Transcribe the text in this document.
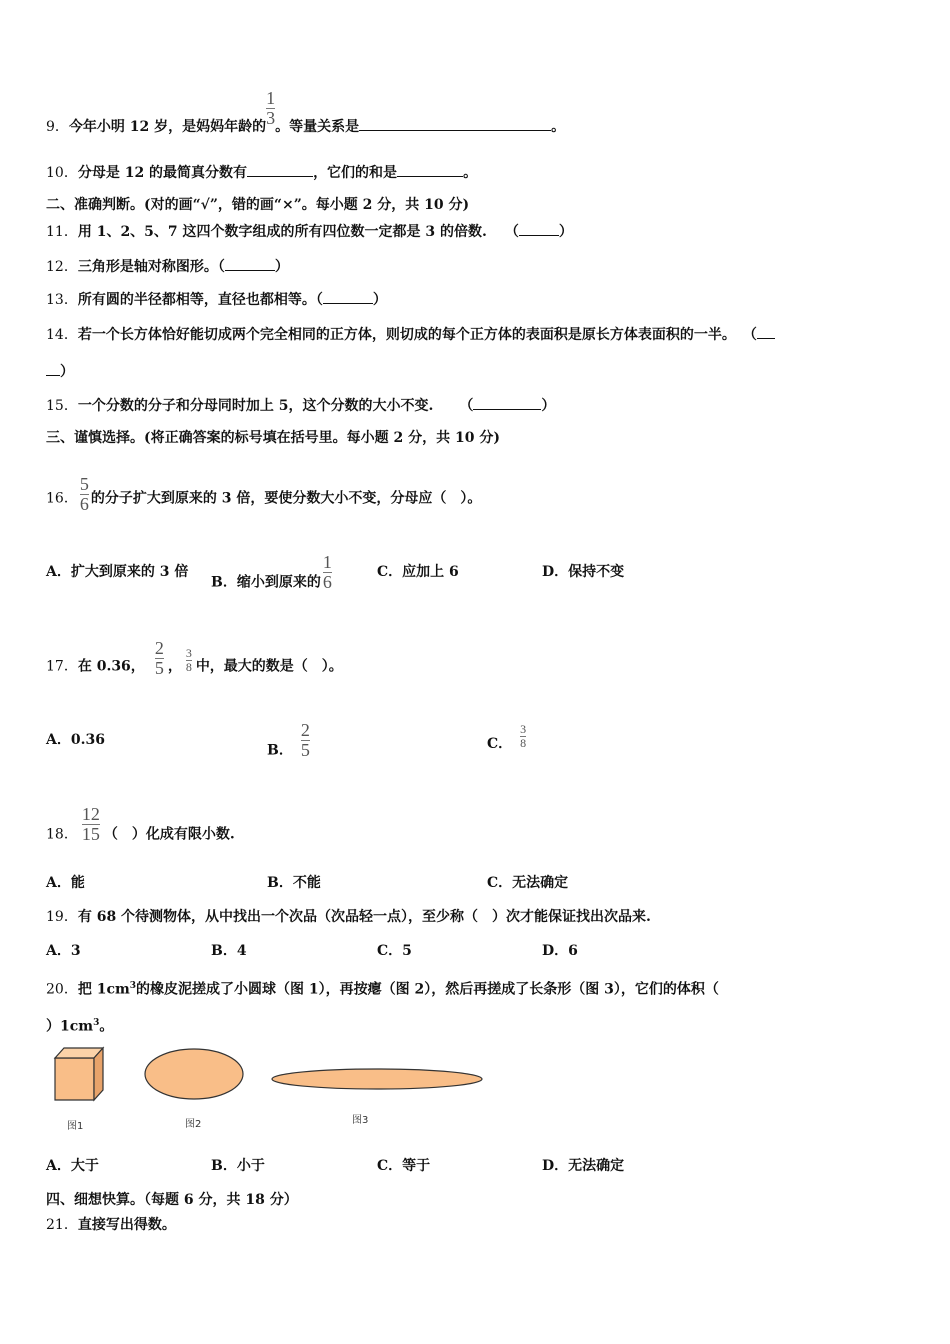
9．今年小明 12 岁，是妈妈年龄的 $\frac{1}{3}$ 。等量关系是	。
10．分母是 12 的最简真分数有	，它们的和是	。
二、准确判断。(对的画“√”，错的画“×”。每小题 2 分，共 10 分)
11．用 1、2、5、7 这四个数字组成的所有四位数一定都是 3 的倍数. （	）
12．三角形是轴对称图形。（	）
13．所有圆的半径都相等，直径也都相等。（	）
14．若一个长方体恰好能切成两个完全相同的正方体，则切成的每个正方体的表面积是原长方体表面积的一半。 （
）
15．一个分数的分子和分母同时加上 5，这个分数的大小不变. （	）
三、谨慎选择。(将正确答案的标号填在括号里。每小题 2 分，共 10 分)
16． $\frac{5}{6}$ 的分子扩大到原来的 3 倍，要使分数大小不变，分母应（　）。
A．扩大到原来的 3 倍
B．缩小到原来的 $\frac{1}{6}$	C．应加上 6	D．保持不变
17．在 0.36， $\frac{2}{5}$ ， $\frac{3}{8}$ 中，最大的数是（　）。
A．0.36
B． $\frac{2}{5}$	C． $\frac{3}{8}$
18． $\frac{12}{15}$ （　）化成有限小数.
A．能	B．不能	C．无法确定
19．有 68 个待测物体，从中找出一个次品（次品轻一点），至少称（　）次才能保证找出次品来.
A．3	B．4	C．5	D．6
20．把 $1cm^3$的橡皮泥搓成了小圆球（图 1），再按瘪（图 2），然后再搓成了长条形（图 3），它们的体积（
）$1cm^3$。
图1	图2	图3
A．大于	B．小于	C．等于	D．无法确定
四、细想快算。（每题 6 分，共 18 分）
21．直接写出得数。
